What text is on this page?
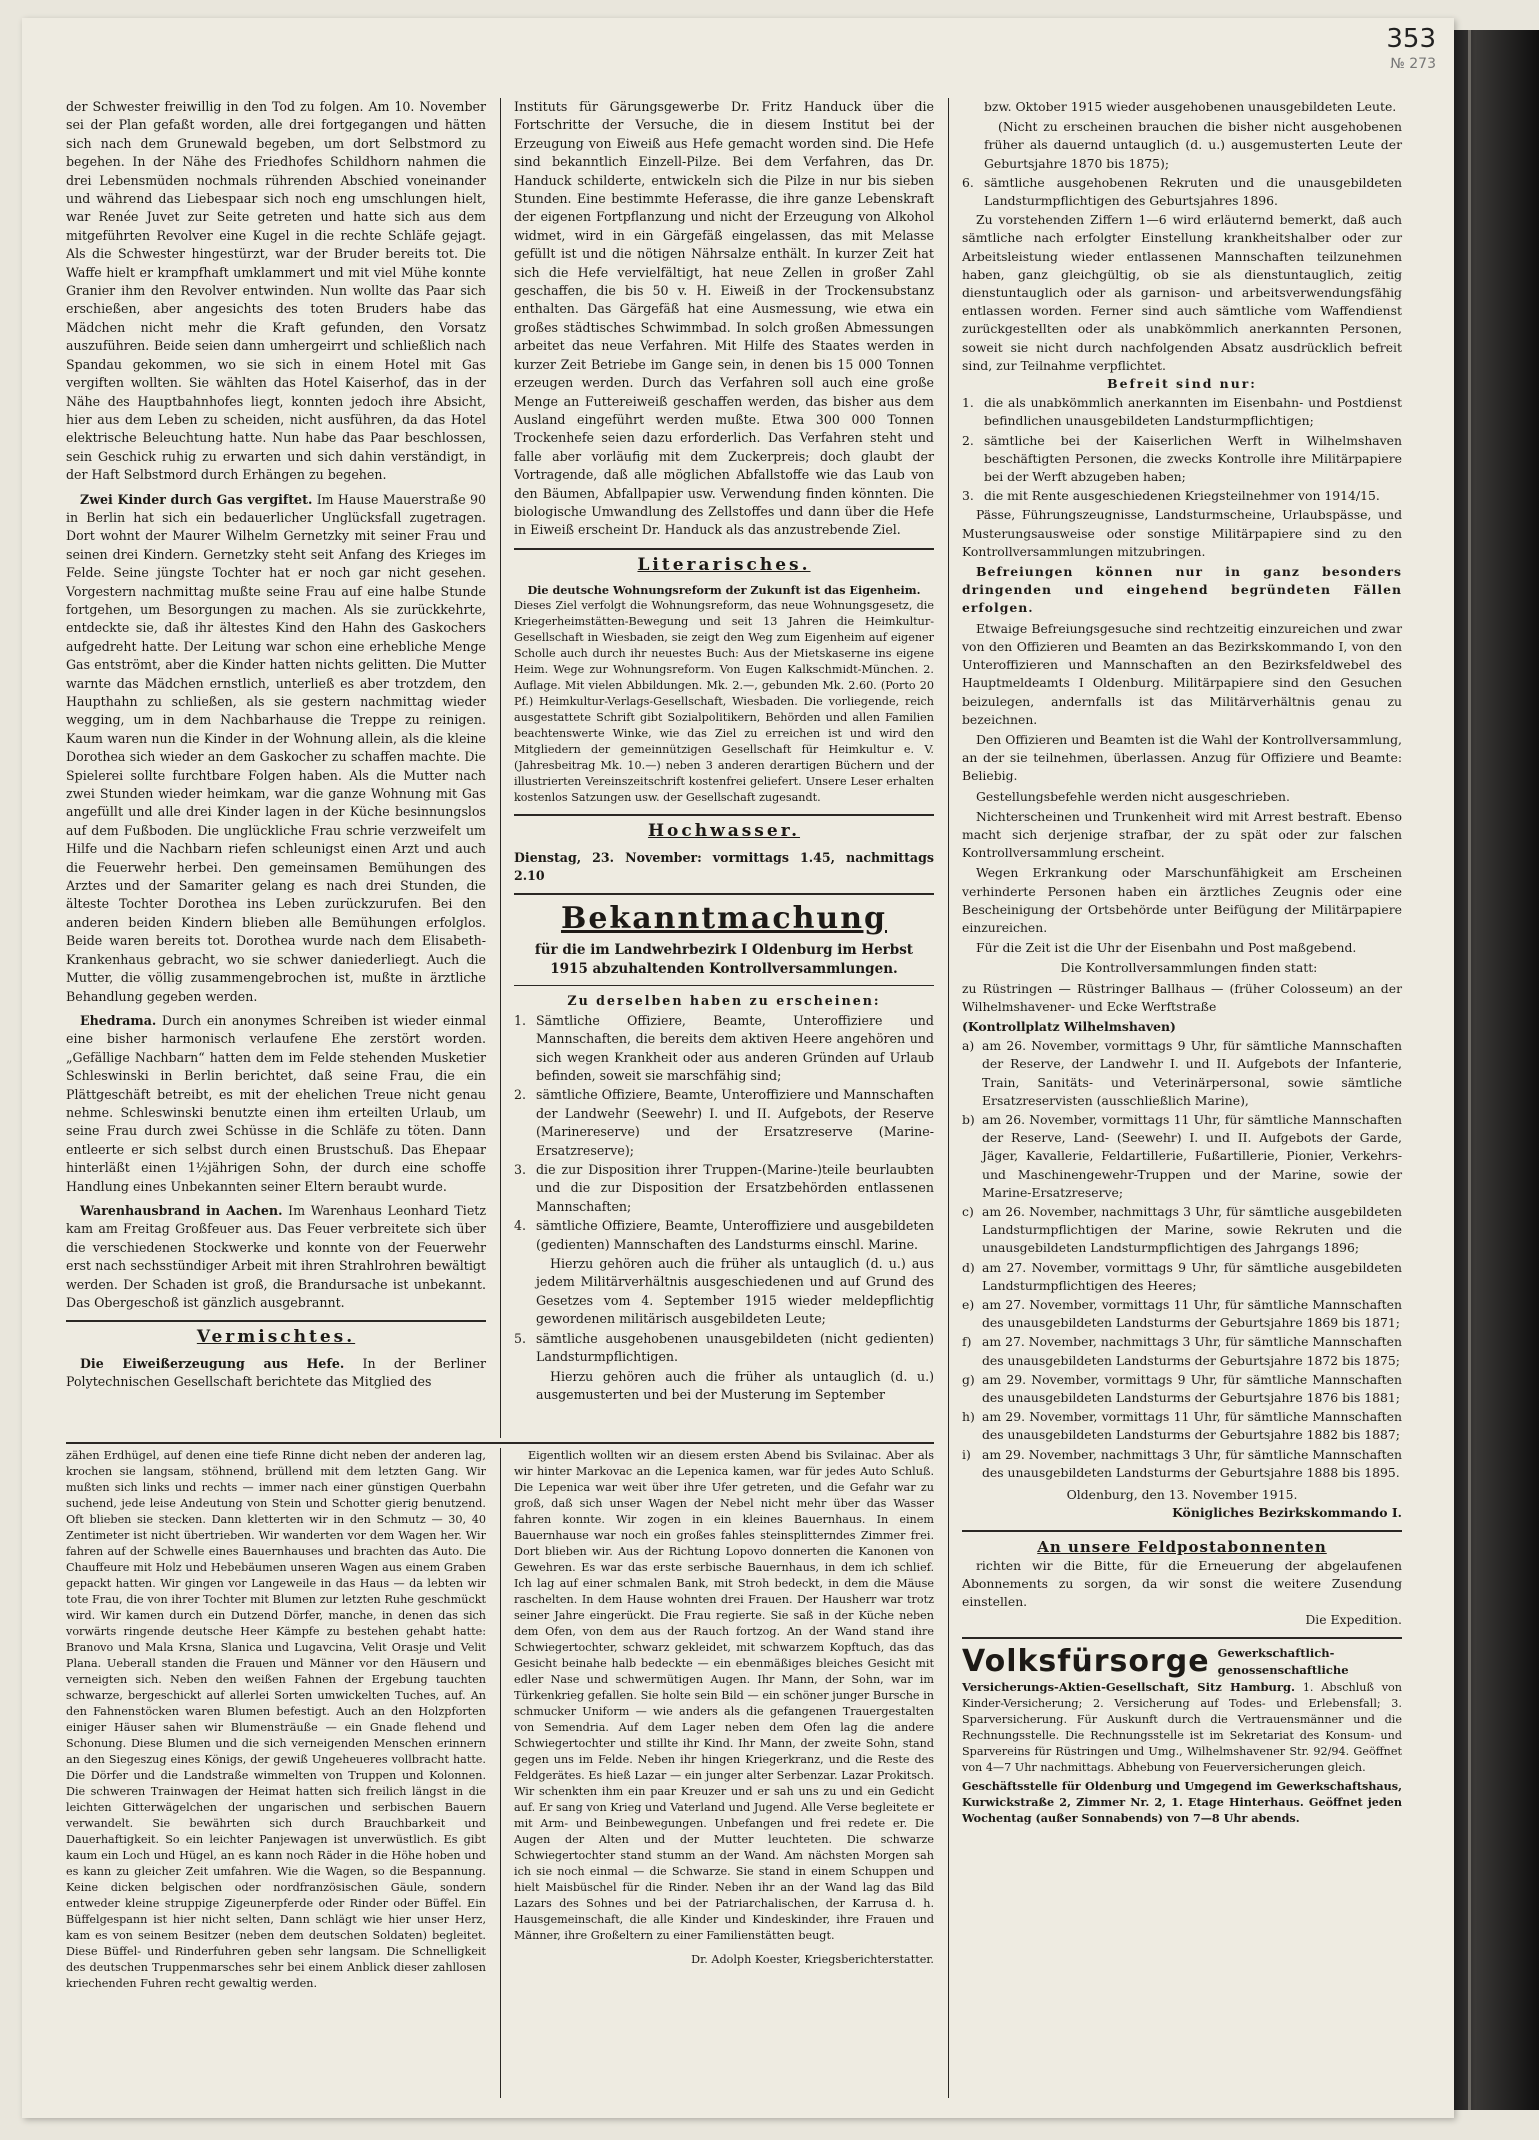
353
№ 273

der Schwester freiwillig in den Tod zu folgen. Am 10. November sei der Plan gefaßt worden, alle drei fortgegangen und hätten sich nach dem Grunewald begeben, um dort Selbstmord zu begehen. In der Nähe des Friedhofes Schildhorn nahmen die drei Lebensmüden nochmals rührenden Abschied voneinander und während das Liebespaar sich noch eng umschlungen hielt, war Renée Juvet zur Seite getreten und hatte sich aus dem mitgeführten Revolver eine Kugel in die rechte Schläfe gejagt. Als die Schwester hingestürzt, war der Bruder bereits tot. Die Waffe hielt er krampfhaft umklammert und mit viel Mühe konnte Granier ihm den Revolver entwinden. Nun wollte das Paar sich erschießen, aber angesichts des toten Bruders habe das Mädchen nicht mehr die Kraft gefunden, den Vorsatz auszuführen. Beide seien dann umhergeirrt und schließlich nach Spandau gekommen, wo sie sich in einem Hotel mit Gas vergiften wollten. Sie wählten das Hotel Kaiserhof, das in der Nähe des Hauptbahnhofes liegt, konnten jedoch ihre Absicht, hier aus dem Leben zu scheiden, nicht ausführen, da das Hotel elektrische Beleuchtung hatte. Nun habe das Paar beschlossen, sein Geschick ruhig zu erwarten und sich dahin verständigt, in der Haft Selbstmord durch Erhängen zu begehen.

Zwei Kinder durch Gas vergiftet. Im Hause Mauerstraße 90 in Berlin hat sich ein bedauerlicher Unglücksfall zugetragen. Dort wohnt der Maurer Wilhelm Gernetzky mit seiner Frau und seinen drei Kindern. Gernetzky steht seit Anfang des Krieges im Felde. Seine jüngste Tochter hat er noch gar nicht gesehen. Vorgestern nachmittag mußte seine Frau auf eine halbe Stunde fortgehen, um Besorgungen zu machen. Als sie zurückkehrte, entdeckte sie, daß ihr ältestes Kind den Hahn des Gaskochers aufgedreht hatte. Der Leitung war schon eine erhebliche Menge Gas entströmt, aber die Kinder hatten nichts gelitten. Die Mutter warnte das Mädchen ernstlich, unterließ es aber trotzdem, den Haupthahn zu schließen, als sie gestern nachmittag wieder wegging, um in dem Nachbarhause die Treppe zu reinigen. Kaum waren nun die Kinder in der Wohnung allein, als die kleine Dorothea sich wieder an dem Gaskocher zu schaffen machte. Die Spielerei sollte furchtbare Folgen haben. Als die Mutter nach zwei Stunden wieder heimkam, war die ganze Wohnung mit Gas angefüllt und alle drei Kinder lagen in der Küche besinnungslos auf dem Fußboden. Die unglückliche Frau schrie verzweifelt um Hilfe und die Nachbarn riefen schleunigst einen Arzt und auch die Feuerwehr herbei. Den gemeinsamen Bemühungen des Arztes und der Samariter gelang es nach drei Stunden, die älteste Tochter Dorothea ins Leben zurückzurufen. Bei den anderen beiden Kindern blieben alle Bemühungen erfolglos. Beide waren bereits tot. Dorothea wurde nach dem Elisabeth-Krankenhaus gebracht, wo sie schwer daniederliegt. Auch die Mutter, die völlig zusammengebrochen ist, mußte in ärztliche Behandlung gegeben werden.

Ehedrama. Durch ein anonymes Schreiben ist wieder einmal eine bisher harmonisch verlaufene Ehe zerstört worden. „Gefällige Nachbarn“ hatten dem im Felde stehenden Musketier Schleswinski in Berlin berichtet, daß seine Frau, die ein Plättgeschäft betreibt, es mit der ehelichen Treue nicht genau nehme. Schleswinski benutzte einen ihm erteilten Urlaub, um seine Frau durch zwei Schüsse in die Schläfe zu töten. Dann entleerte er sich selbst durch einen Brustschuß. Das Ehepaar hinterläßt einen 1½jährigen Sohn, der durch eine schoffe Handlung eines Unbekannten seiner Eltern beraubt wurde.

Warenhausbrand in Aachen. Im Warenhaus Leonhard Tietz kam am Freitag Großfeuer aus. Das Feuer verbreitete sich über die verschiedenen Stockwerke und konnte von der Feuerwehr erst nach sechsstündiger Arbeit mit ihren Strahlrohren bewältigt werden. Der Schaden ist groß, die Brandursache ist unbekannt. Das Obergeschoß ist gänzlich ausgebrannt.

Vermischtes.

Die Eiweißerzeugung aus Hefe. In der Berliner Polytechnischen Gesellschaft berichtete das Mitglied des

Instituts für Gärungsgewerbe Dr. Fritz Handuck über die Fortschritte der Versuche, die in diesem Institut bei der Erzeugung von Eiweiß aus Hefe gemacht worden sind. Die Hefe sind bekanntlich Einzell-Pilze. Bei dem Verfahren, das Dr. Handuck schilderte, entwickeln sich die Pilze in nur bis sieben Stunden. Eine bestimmte Heferasse, die ihre ganze Lebenskraft der eigenen Fortpflanzung und nicht der Erzeugung von Alkohol widmet, wird in ein Gärgefäß eingelassen, das mit Melasse gefüllt ist und die nötigen Nährsalze enthält. In kurzer Zeit hat sich die Hefe vervielfältigt, hat neue Zellen in großer Zahl geschaffen, die bis 50 v. H. Eiweiß in der Trockensubstanz enthalten. Das Gärgefäß hat eine Ausmessung, wie etwa ein großes städtisches Schwimmbad. In solch großen Abmessungen arbeitet das neue Verfahren. Mit Hilfe des Staates werden in kurzer Zeit Betriebe im Gange sein, in denen bis 15 000 Tonnen erzeugen werden. Durch das Verfahren soll auch eine große Menge an Futtereiweiß geschaffen werden, das bisher aus dem Ausland eingeführt werden mußte. Etwa 300 000 Tonnen Trockenhefe seien dazu erforderlich. Das Verfahren steht und falle aber vorläufig mit dem Zuckerpreis; doch glaubt der Vortragende, daß alle möglichen Abfallstoffe wie das Laub von den Bäumen, Abfallpapier usw. Verwendung finden könnten. Die biologische Umwandlung des Zellstoffes und dann über die Hefe in Eiweiß erscheint Dr. Handuck als das anzustrebende Ziel.

Literarisches.
Die deutsche Wohnungsreform der Zukunft ist das Eigenheim.
Dieses Ziel verfolgt die Wohnungsreform, das neue Wohnungsgesetz, die Kriegerheimstätten-Bewegung und seit 13 Jahren die Heimkultur-Gesellschaft in Wiesbaden, sie zeigt den Weg zum Eigenheim auf eigener Scholle auch durch ihr neuestes Buch: Aus der Mietskaserne ins eigene Heim. Wege zur Wohnungsreform. Von Eugen Kalkschmidt-München. 2. Auflage. Mit vielen Abbildungen. Mk. 2.—, gebunden Mk. 2.60. (Porto 20 Pf.) Heimkultur-Verlags-Gesellschaft, Wiesbaden. Die vorliegende, reich ausgestattete Schrift gibt Sozialpolitikern, Behörden und allen Familien beachtenswerte Winke, wie das Ziel zu erreichen ist und wird den Mitgliedern der gemeinnützigen Gesellschaft für Heimkultur e. V. (Jahresbeitrag Mk. 10.—) neben 3 anderen derartigen Büchern und der illustrierten Vereinszeitschrift kostenfrei geliefert. Unsere Leser erhalten kostenlos Satzungen usw. der Gesellschaft zugesandt.
Hochwasser.
Dienstag, 23. November: vormittags 1.45, nachmittags 2.10
Bekanntmachung
für die im Landwehrbezirk I Oldenburg im Herbst 1915 abzuhaltenden Kontrollversammlungen.
Zu derselben haben zu erscheinen:
1. Sämtliche Offiziere, Beamte, Unteroffiziere und Mannschaften, die bereits dem aktiven Heere angehören und sich wegen Krankheit oder aus anderen Gründen auf Urlaub befinden, soweit sie marschfähig sind;
2. sämtliche Offiziere, Beamte, Unteroffiziere und Mannschaften der Landwehr (Seewehr) I. und II. Aufgebots, der Reserve (Marinereserve) und der Ersatzreserve (Marine-Ersatzreserve);
3. die zur Disposition ihrer Truppen-(Marine-)teile beurlaubten und die zur Disposition der Ersatzbehörden entlassenen Mannschaften;
4. sämtliche Offiziere, Beamte, Unteroffiziere und ausgebildeten (gedienten) Mannschaften des Landsturms einschl. Marine.

Hierzu gehören auch die früher als untauglich (d. u.) aus jedem Militärverhältnis ausgeschiedenen und auf Grund des Gesetzes vom 4. September 1915 wieder meldepflichtig gewordenen militärisch ausgebildeten Leute;

5. sämtliche ausgehobenen unausgebildeten (nicht gedienten) Landsturmpflichtigen.

Hierzu gehören auch die früher als untauglich (d. u.) ausgemusterten und bei der Musterung im September

bzw. Oktober 1915 wieder ausgehobenen unausgebildeten Leute.

(Nicht zu erscheinen brauchen die bisher nicht ausgehobenen früher als dauernd untauglich (d. u.) ausgemusterten Leute der Geburtsjahre 1870 bis 1875);

6. sämtliche ausgehobenen Rekruten und die unausgebildeten Landsturmpflichtigen des Geburtsjahres 1896.

Zu vorstehenden Ziffern 1—6 wird erläuternd bemerkt, daß auch sämtliche nach erfolgter Einstellung krankheitshalber oder zur Arbeitsleistung wieder entlassenen Mannschaften teilzunehmen haben, ganz gleichgültig, ob sie als dienstuntauglich, zeitig dienstuntauglich oder als garnison- und arbeitsverwendungsfähig entlassen worden. Ferner sind auch sämtliche vom Waffendienst zurückgestellten oder als unabkömmlich anerkannten Personen, soweit sie nicht durch nachfolgenden Absatz ausdrücklich befreit sind, zur Teilnahme verpflichtet.

Befreit sind nur:
1. die als unabkömmlich anerkannten im Eisenbahn- und Postdienst befindlichen unausgebildeten Landsturmpflichtigen;
2. sämtliche bei der Kaiserlichen Werft in Wilhelmshaven beschäftigten Personen, die zwecks Kontrolle ihre Militärpapiere bei der Werft abzugeben haben;
3. die mit Rente ausgeschiedenen Kriegsteilnehmer von 1914/15.

Pässe, Führungszeugnisse, Landsturmscheine, Urlaubspässe, und Musterungsausweise oder sonstige Militärpapiere sind zu den Kontrollversammlungen mitzubringen.

Befreiungen können nur in ganz besonders dringenden und eingehend begründeten Fällen erfolgen.

Etwaige Befreiungsgesuche sind rechtzeitig einzureichen und zwar von den Offizieren und Beamten an das Bezirkskommando I, von den Unteroffizieren und Mannschaften an den Bezirksfeldwebel des Hauptmeldeamts I Oldenburg. Militärpapiere sind den Gesuchen beizulegen, andernfalls ist das Militärverhältnis genau zu bezeichnen.

Den Offizieren und Beamten ist die Wahl der Kontrollversammlung, an der sie teilnehmen, überlassen. Anzug für Offiziere und Beamte: Beliebig.

Gestellungsbefehle werden nicht ausgeschrieben.

Nichterscheinen und Trunkenheit wird mit Arrest bestraft. Ebenso macht sich derjenige strafbar, der zu spät oder zur falschen Kontrollversammlung erscheint.

Wegen Erkrankung oder Marschunfähigkeit am Erscheinen verhinderte Personen haben ein ärztliches Zeugnis oder eine Bescheinigung der Ortsbehörde unter Beifügung der Militärpapiere einzureichen.

Für die Zeit ist die Uhr der Eisenbahn und Post maßgebend.

Die Kontrollversammlungen finden statt:

zu Rüstringen — Rüstringer Ballhaus — (früher Colosseum) an der Wilhelmshavener- und Ecke Werftstraße

(Kontrollplatz Wilhelmshaven)

a) am 26. November, vormittags 9 Uhr, für sämtliche Mannschaften der Reserve, der Landwehr I. und II. Aufgebots der Infanterie, Train, Sanitäts- und Veterinärpersonal, sowie sämtliche Ersatzreservisten (ausschließlich Marine),
b) am 26. November, vormittags 11 Uhr, für sämtliche Mannschaften der Reserve, Land- (Seewehr) I. und II. Aufgebots der Garde, Jäger, Kavallerie, Feldartillerie, Fußartillerie, Pionier, Verkehrs- und Maschinengewehr-Truppen und der Marine, sowie der Marine-Ersatzreserve;
c) am 26. November, nachmittags 3 Uhr, für sämtliche ausgebildeten Landsturmpflichtigen der Marine, sowie Rekruten und die unausgebildeten Landsturmpflichtigen des Jahrgangs 1896;
d) am 27. November, vormittags 9 Uhr, für sämtliche ausgebildeten Landsturmpflichtigen des Heeres;
e) am 27. November, vormittags 11 Uhr, für sämtliche Mannschaften des unausgebildeten Landsturms der Geburtsjahre 1869 bis 1871;
f) am 27. November, nachmittags 3 Uhr, für sämtliche Mannschaften des unausgebildeten Landsturms der Geburtsjahre 1872 bis 1875;
g) am 29. November, vormittags 9 Uhr, für sämtliche Mannschaften des unausgebildeten Landsturms der Geburtsjahre 1876 bis 1881;
h) am 29. November, vormittags 11 Uhr, für sämtliche Mannschaften des unausgebildeten Landsturms der Geburtsjahre 1882 bis 1887;
i) am 29. November, nachmittags 3 Uhr, für sämtliche Mannschaften des unausgebildeten Landsturms der Geburtsjahre 1888 bis 1895.
Oldenburg, den 13. November 1915.
Königliches Bezirkskommando I.
An unsere Feldpostabonnenten

richten wir die Bitte, für die Erneuerung der abgelaufenen Abonnements zu sorgen, da wir sonst die weitere Zusendung einstellen.

Die Expedition.
Volksfürsorge Gewerkschaftlich-genossenschaftliche Versicherungs-Aktien-Gesellschaft, Sitz Hamburg. 1. Abschluß von Kinder-Versicherung; 2. Versicherung auf Todes- und Erlebensfall; 3. Sparversicherung. Für Auskunft durch die Vertrauensmänner und die Rechnungsstelle. Die Rechnungsstelle ist im Sekretariat des Konsum- und Sparvereins für Rüstringen und Umg., Wilhelmshavener Str. 92/94. Geöffnet von 4—7 Uhr nachmittags. Abhebung von Feuerversicherungen gleich.
Geschäftsstelle für Oldenburg und Umgegend im Gewerkschaftshaus, Kurwickstraße 2, Zimmer Nr. 2, 1. Etage Hinterhaus. Geöffnet jeden Wochentag (außer Sonnabends) von 7—8 Uhr abends.

zähen Erdhügel, auf denen eine tiefe Rinne dicht neben der anderen lag, krochen sie langsam, stöhnend, brüllend mit dem letzten Gang. Wir mußten sich links und rechts — immer nach einer günstigen Querbahn suchend, jede leise Andeutung von Stein und Schotter gierig benutzend. Oft blieben sie stecken. Dann kletterten wir in den Schmutz — 30, 40 Zentimeter ist nicht übertrieben. Wir wanderten vor dem Wagen her. Wir fahren auf der Schwelle eines Bauernhauses und brachten das Auto. Die Chauffeure mit Holz und Hebebäumen unseren Wagen aus einem Graben gepackt hatten. Wir gingen vor Langeweile in das Haus — da lebten wir tote Frau, die von ihrer Tochter mit Blumen zur letzten Ruhe geschmückt wird. Wir kamen durch ein Dutzend Dörfer, manche, in denen das sich vorwärts ringende deutsche Heer Kämpfe zu bestehen gehabt hatte: Branovo und Mala Krsna, Slanica und Lugavcina, Velit Orasje und Velit Plana. Ueberall standen die Frauen und Männer vor den Häusern und verneigten sich. Neben den weißen Fahnen der Ergebung tauchten schwarze, bergeschickt auf allerlei Sorten umwickelten Tuches, auf. An den Fahnenstöcken waren Blumen befestigt. Auch an den Holzpforten einiger Häuser sahen wir Blumensträuße — ein Gnade flehend und Schonung. Diese Blumen und die sich verneigenden Menschen erinnern an den Siegeszug eines Königs, der gewiß Ungeheueres vollbracht hatte. Die Dörfer und die Landstraße wimmelten von Truppen und Kolonnen. Die schweren Trainwagen der Heimat hatten sich freilich längst in die leichten Gitterwägelchen der ungarischen und serbischen Bauern verwandelt. Sie bewährten sich durch Brauchbarkeit und Dauerhaftigkeit. So ein leichter Panjewagen ist unverwüstlich. Es gibt kaum ein Loch und Hügel, an es kann noch Räder in die Höhe hoben und es kann zu gleicher Zeit umfahren. Wie die Wagen, so die Bespannung. Keine dicken belgischen oder nordfranzösischen Gäule, sondern entweder kleine struppige Zigeunerpferde oder Rinder oder Büffel. Ein Büffelgespann ist hier nicht selten, Dann schlägt wie hier unser Herz, kam es von seinem Besitzer (neben dem deutschen Soldaten) begleitet. Diese Büffel- und Rinderfuhren geben sehr langsam. Die Schnelligkeit des deutschen Truppenmarsches sehr bei einem Anblick dieser zahllosen kriechenden Fuhren recht gewaltig werden.

Eigentlich wollten wir an diesem ersten Abend bis Svilainac. Aber als wir hinter Markovac an die Lepenica kamen, war für jedes Auto Schluß. Die Lepenica war weit über ihre Ufer getreten, und die Gefahr war zu groß, daß sich unser Wagen der Nebel nicht mehr über das Wasser fahren konnte. Wir zogen in ein kleines Bauernhaus. In einem Bauernhause war noch ein großes fahles steinsplitterndes Zimmer frei. Dort blieben wir. Aus der Richtung Lopovo donnerten die Kanonen von Gewehren. Es war das erste serbische Bauernhaus, in dem ich schlief. Ich lag auf einer schmalen Bank, mit Stroh bedeckt, in dem die Mäuse raschelten. In dem Hause wohnten drei Frauen. Der Hausherr war trotz seiner Jahre eingerückt. Die Frau regierte. Sie saß in der Küche neben dem Ofen, von dem aus der Rauch fortzog. An der Wand stand ihre Schwiegertochter, schwarz gekleidet, mit schwarzem Kopftuch, das das Gesicht beinahe halb bedeckte — ein ebenmäßiges bleiches Gesicht mit edler Nase und schwermütigen Augen. Ihr Mann, der Sohn, war im Türkenkrieg gefallen. Sie holte sein Bild — ein schöner junger Bursche in schmucker Uniform — wie anders als die gefangenen Trauergestalten von Semendria. Auf dem Lager neben dem Ofen lag die andere Schwiegertochter und stillte ihr Kind. Ihr Mann, der zweite Sohn, stand gegen uns im Felde. Neben ihr hingen Kriegerkranz, und die Reste des Feldgerätes. Es hieß Lazar — ein junger alter Serbenzar. Lazar Prokitsch. Wir schenkten ihm ein paar Kreuzer und er sah uns zu und ein Gedicht auf. Er sang von Krieg und Vaterland und Jugend. Alle Verse begleitete er mit Arm- und Beinbewegungen. Unbefangen und frei redete er. Die Augen der Alten und der Mutter leuchteten. Die schwarze Schwiegertochter stand stumm an der Wand. Am nächsten Morgen sah ich sie noch einmal — die Schwarze. Sie stand in einem Schuppen und hielt Maisbüschel für die Rinder. Neben ihr an der Wand lag das Bild Lazars des Sohnes und bei der Patriarchalischen, der Karrusa d. h. Hausgemeinschaft, die alle Kinder und Kindeskinder, ihre Frauen und Männer, ihre Großeltern zu einer Familienstätten beugt.

Dr. Adolph Koester, Kriegsberichterstatter.
